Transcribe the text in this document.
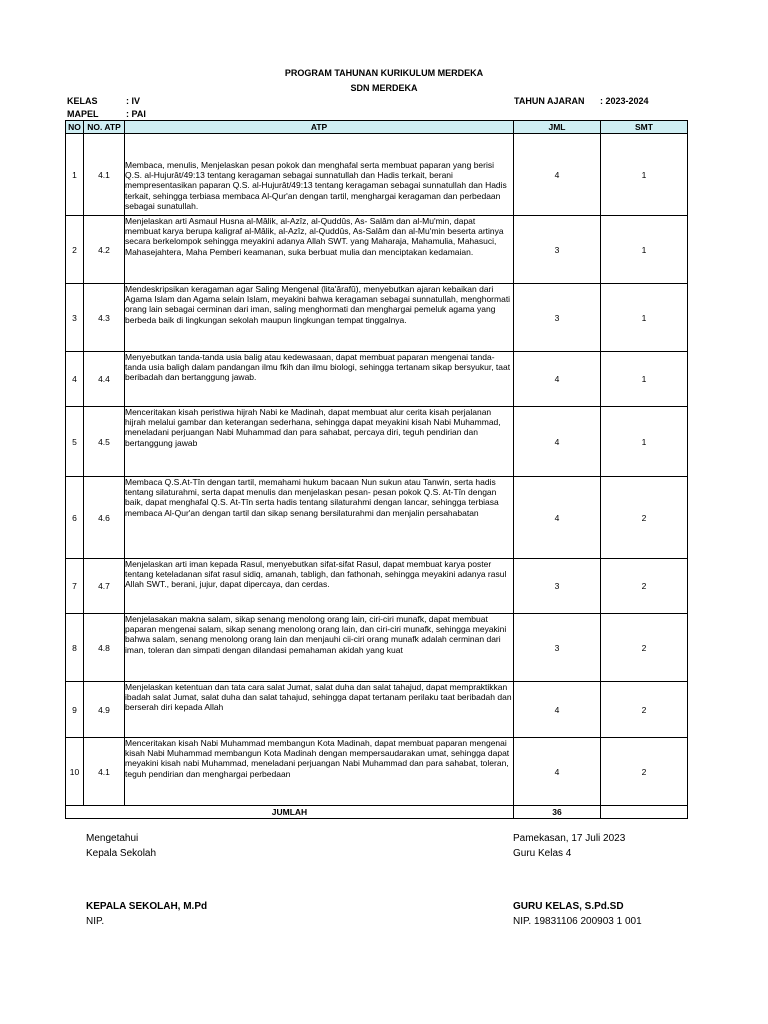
PROGRAM TAHUNAN KURIKULUM MERDEKA
SDN MERDEKA
KELAS	: IV
MAPEL	: PAI
TAHUN AJARAN : 2023-2024
NO	NO. ATP	ATP	JML	SMT
1	4.1	Membaca, menulis, Menjelaskan pesan pokok dan menghafal serta membuat paparan yang berisi Q.S. al-Hujurât/49:13 tentang keragaman sebagai sunnatullah dan Hadis terkait, berani mempresentasikan paparan Q.S. al-Hujurât/49:13 tentang keragaman sebagai sunnatullah dan Hadis terkait, sehingga terbiasa membaca Al-Qur'an dengan tartil, menghargai keragaman dan perbedaan sebagai sunatullah.	4	1
2	4.2	Menjelaskan arti Asmaul Husna al-Mâlik, al-Azîz, al-Quddûs, As- Salâm dan al-Mu'min, dapat membuat karya berupa kaligraf al-Mâlik, al-Azîz, al-Quddûs, As-Salâm dan al-Mu'min beserta artinya secara berkelompok sehingga meyakini adanya Allah SWT. yang Maharaja, Mahamulia, Mahasuci, Mahasejahtera, Maha Pemberi keamanan, suka berbuat mulia dan menciptakan kedamaian.	3	1
3	4.3	Mendeskripsikan keragaman agar Saling Mengenal (lita'ârafû), menyebutkan ajaran kebaikan dari Agama Islam dan Agama selain Islam, meyakini bahwa keragaman sebagai sunnatullah, menghormati orang lain sebagai cerminan dari iman, saling menghormati dan menghargai pemeluk agama yang berbeda baik di lingkungan sekolah maupun lingkungan tempat tinggalnya.	3	1
4	4.4	Menyebutkan tanda-tanda usia balig atau kedewasaan, dapat membuat paparan mengenai tanda-tanda usia baligh dalam pandangan ilmu fkih dan ilmu biologi, sehingga tertanam sikap bersyukur, taat beribadah dan bertanggung jawab.	4	1
5	4.5	Menceritakan kisah peristiwa hijrah Nabi ke Madinah, dapat membuat alur cerita kisah perjalanan hijrah melalui gambar dan keterangan sederhana, sehingga dapat meyakini kisah Nabi Muhammad, meneladani perjuangan Nabi Muhammad dan para sahabat, percaya diri, teguh pendirian dan bertanggung jawab	4	1
6	4.6	Membaca Q.S.At-Tîn dengan tartil, memahami hukum bacaan Nun sukun atau Tanwin, serta hadis tentang silaturahmi, serta dapat menulis dan menjelaskan pesan- pesan pokok Q.S. At-Tîn dengan baik, dapat menghafal Q.S. At-Tîn serta hadis tentang silaturahmi dengan lancar, sehingga terbiasa membaca Al-Qur'an dengan tartil dan sikap senang bersilaturahmi dan menjalin persahabatan	4	2
7	4.7	Menjelaskan arti iman kepada Rasul, menyebutkan sifat-sifat Rasul, dapat membuat karya poster tentang keteladanan sifat rasul sidiq, amanah, tabligh, dan fathonah, sehingga meyakini adanya rasul Allah SWT., berani, jujur, dapat dipercaya, dan cerdas.	3	2
8	4.8	Menjelasakan makna salam, sikap senang menolong orang lain, ciri-ciri munafk, dapat membuat paparan mengenai salam, sikap senang menolong orang lain, dan ciri-ciri munafk, sehingga meyakini bahwa salam, senang menolong orang lain dan menjauhi cii-ciri orang munafk adalah cerminan dari iman, toleran dan simpati dengan dilandasi pemahaman akidah yang kuat	3	2
9	4.9	Menjelaskan ketentuan dan tata cara salat Jumat, salat duha dan salat tahajud, dapat mempraktikkan ibadah salat Jumat, salat duha dan salat tahajud, sehingga dapat tertanam perilaku taat beribadah dan berserah diri kepada Allah	4	2
10	4.1	Menceritakan kisah Nabi Muhammad membangun Kota Madinah, dapat membuat paparan mengenai kisah Nabi Muhammad membangun Kota Madinah dengan mempersaudarakan umat, sehingga dapat meyakini kisah nabi Muhammad, meneladani perjuangan Nabi Muhammad dan para sahabat, toleran, teguh pendirian dan menghargai perbedaan	4	2
JUMLAH			36	
Mengetahui
Kepala Sekolah
KEPALA SEKOLAH, M.Pd
NIP.
Pamekasan, 17 Juli 2023
Guru Kelas 4
GURU KELAS, S.Pd.SD
NIP. 19831106 200903 1 001
